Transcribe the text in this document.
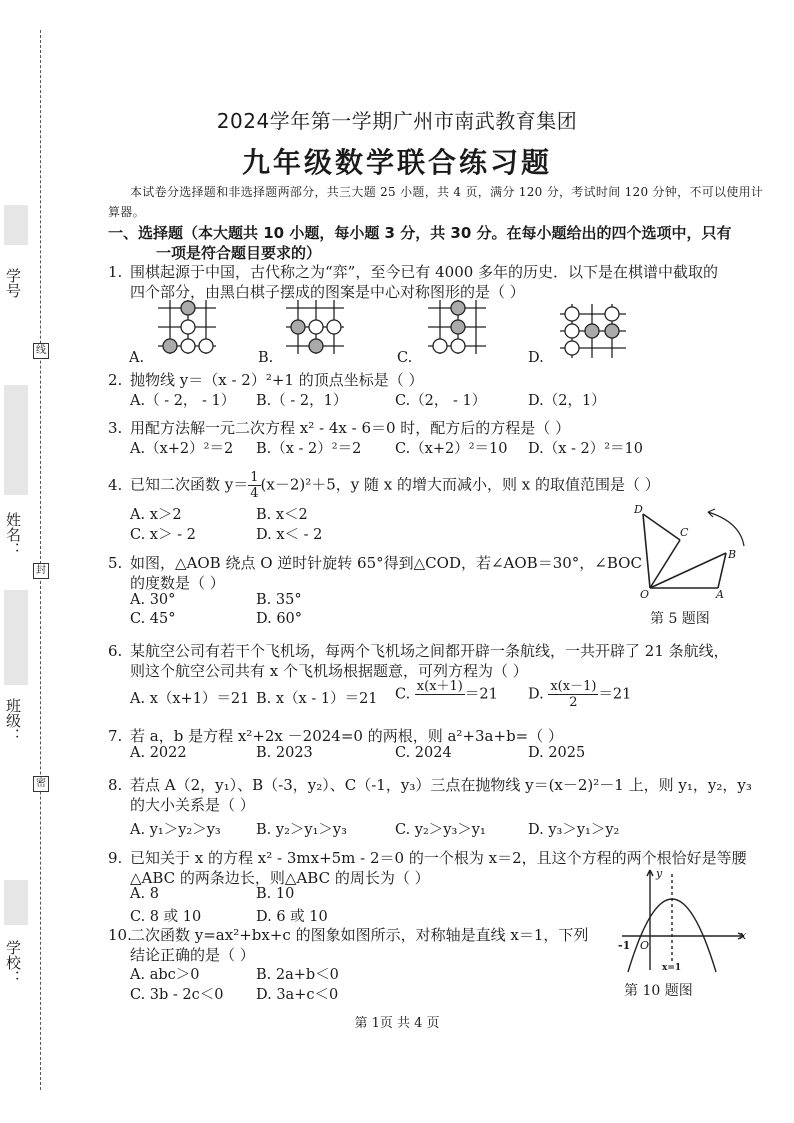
学号
姓名：
班级：
学校：
线
封
密
2024学年第一学期广州市南武教育集团
九年级数学联合练习题
本试卷分选择题和非选择题两部分，共三大题 25 小题，共 4 页，满分 120 分，考试时间 120 分钟，不可以使用计算器。
一、选择题（本大题共 10 小题，每小题 3 分，共 30 分。在每小题给出的四个选项中，只有
一项是符合题目要求的）
1. 围棋起源于中国，古代称之为“弈”，至今已有 4000 多年的历史．以下是在棋谱中截取的
四个部分，由黑白棋子摆成的图案是中心对称图形的是（ ）
A.	B.	C.	D.
2. 抛物线 y＝（x - 2）²+1 的顶点坐标是（ ）
A.（ - 2， - 1） B.（ - 2，1）	C.（2， - 1）	D.（2，1）
3. 用配方法解一元二次方程 x² - 4x - 6＝0 时，配方后的方程是（ ）
A.（x+2）²＝2 B.（x - 2）²＝2 C.（x+2）²＝10 D.（x - 2）²＝10
4. 已知二次函数 $y= \frac{1}{4} (x-2)^2+5$，y 随 x 的增大而减小，则 x 的取值范围是（ ）
A. x＞2	B. x＜2
C. x＞ - 2	D. x＜ - 2
D
C
B
O	A
第 5 题图
5. 如图，△AOB 绕点 O 逆时针旋转 65°得到△COD，若∠AOB＝30°，∠BOC
的度数是（ ）
A. 30°	B. 35°
C. 45°	D. 60°
6. 某航空公司有若干个飞机场，每两个飞机场之间都开辟一条航线，一共开辟了 21 条航线，
则这个航空公司共有 x 个飞机场根据题意，可列方程为（ ）
A. x（x+1）＝21 B. x（x - 1）＝21 C. x(x＋1)
＝21 D. $\frac{x(x-1)}{2} =21$
7. 若 a，b 是方程 x²+2x －2024=0 的两根，则 a²+3a+b=（ ）
A. 2022	B. 2023	C. 2024	D. 2025
8. 若点 A（2，y₁）、B（-3，y₂）、C（-1，y₃）三点在抛物线 y＝(x－2)²－1 上，则 y₁，y₂，y₃
的大小关系是（ ）
A. y₁＞y₂＞y₃ B. y₂＞y₁＞y₃	C. y₂＞y₃＞y₁	D. y₃＞y₁＞y₂
9. 已知关于 x 的方程 x² - 3mx+5m - 2＝0 的一个根为 x＝2，且这个方程的两个根恰好是等腰
△ABC 的两条边长，则△ABC 的周长为（ ）
A. 8	B. 10
C. 8 或 10	D. 6 或 10
y
x
-1 O
x=1
第 10 题图
10.二次函数 y=ax²+bx+c 的图象如图所示，对称轴是直线 x＝1，下列
结论正确的是（ ）
A. abc＞0	B. 2a+b＜0
C. 3b - 2c＜0 D. 3a+c＜0
第 1页 共 4 页
